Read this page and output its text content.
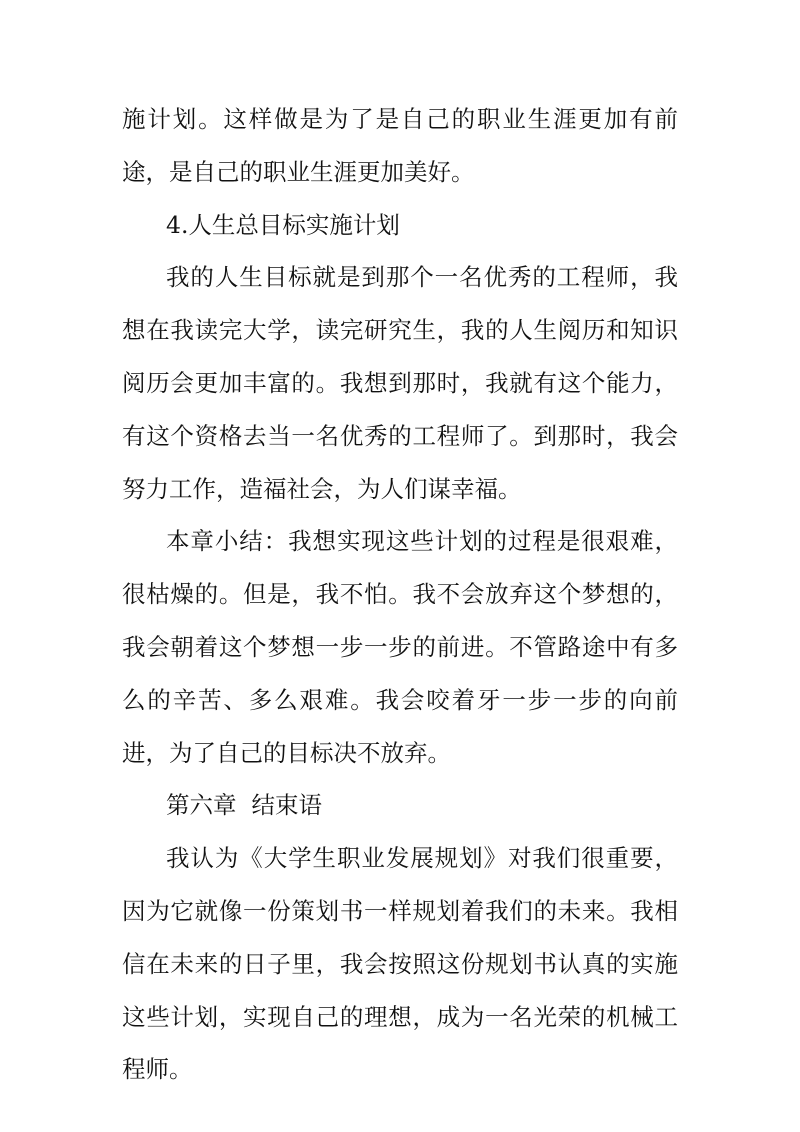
施计划。这样做是为了是自己的职业生涯更加有前途，是自己的职业生涯更加美好。

4.人生总目标实施计划

我的人生目标就是到那个一名优秀的工程师，我想在我读完大学，读完研究生，我的人生阅历和知识阅历会更加丰富的。我想到那时，我就有这个能力，有这个资格去当一名优秀的工程师了。到那时，我会努力工作，造福社会，为人们谋幸福。

本章小结：我想实现这些计划的过程是很艰难，很枯燥的。但是，我不怕。我不会放弃这个梦想的，我会朝着这个梦想一步一步的前进。不管路途中有多么的辛苦、多么艰难。我会咬着牙一步一步的向前进，为了自己的目标决不放弃。

第六章  结束语

我认为《大学生职业发展规划》对我们很重要，因为它就像一份策划书一样规划着我们的未来。我相信在未来的日子里，我会按照这份规划书认真的实施这些计划，实现自己的理想，成为一名光荣的机械工程师。
